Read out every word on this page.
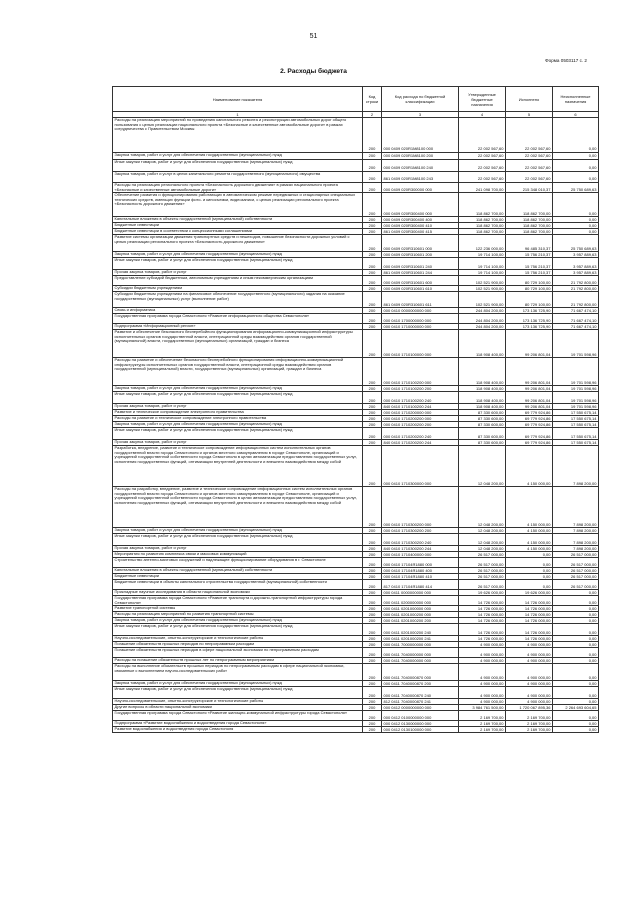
51
Форма 0503117 с. 2
2. Расходы бюджета
Наименование показателя	Код строки	Код расхода по бюджетной классификации	Утвержденные бюджетные назначения	Исполнено	Неисполненные назначения
1	2	3	4	5	6
Расходы на реализацию мероприятий по проведению капитального ремонта и реконструкции автомобильных дорог общего пользования с целью реализации национального проекта «Безопасные и качественные автомобильные дороги» в рамках сотрудничества с Правительством Москвы	200	000 0409 020R1M8100 000	22 002 567,60	22 002 567,60	0,00
Закупка товаров, работ и услуг для обеспечения государственных (муниципальных) нужд	200	000 0409 020R1M8100 200	22 002 567,60	22 002 567,60	0,00
Иные закупки товаров, работ и услуг для обеспечения государственных (муниципальных) нужд	200	000 0409 020R1M8100 240	22 002 567,60	22 002 567,60	0,00
Закупка товаров, работ и услуг в целях капитального ремонта государственного (муниципального) имущества	200	861 0409 020R1M8100 243	22 002 567,60	22 002 567,60	0,00
Расходы на реализацию регионального проекта «Безопасность дорожного движения» в рамках национального проекта «Безопасные и качественные автомобильные дороги»	200	000 0409 020R300000 000	241 098 700,00	215 348 010,37	25 750 689,63
Обеспечение развития и функционирования работающих в автоматическом режиме передвижных и стационарных специальных технических средств, имеющих функции фото- и киносъемки, видеозаписи, с целью реализации регионального проекта «Безопасность дорожного движения»	200	000 0409 020R300400 000	118 862 700,00	118 862 700,00	0,00
Капитальные вложения в объекты государственной (муниципальной) собственности	200	000 0409 020R300400 400	118 862 700,00	118 862 700,00	0,00
Бюджетные инвестиции	200	000 0409 020R300400 410	118 862 700,00	118 862 700,00	0,00
Бюджетные инвестиции в соответствии с концессионными соглашениями	200	861 0409 020R300400 415	118 862 700,00	118 862 700,00	0,00
Развитие системы организации движения транспортных средств и пешеходов, повышение безопасности дорожных условий с целью реализации регионального проекта «Безопасность дорожного движения»	200	000 0409 020R310601 000	122 236 000,00	96 485 310,37	25 750 689,63
Закупка товаров, работ и услуг для обеспечения государственных (муниципальных) нужд	200	000 0409 020R310601 200	19 714 100,00	15 756 210,37	3 957 889,63
Иные закупки товаров, работ и услуг для обеспечения государственных (муниципальных) нужд	200	000 0409 020R310601 240	19 714 100,00	15 756 210,37	3 957 889,63
Прочая закупка товаров, работ и услуг	200	861 0409 020R310601 244	19 714 100,00	15 756 210,37	3 957 889,63
Предоставление субсидий бюджетным, автономным учреждениям и иным некоммерческим организациям	200	000 0409 020R310601 600	102 521 900,00	80 729 100,00	21 792 800,00
Субсидии бюджетным учреждениям	200	000 0409 020R310601 610	102 521 900,00	80 729 100,00	21 792 800,00
Субсидии бюджетным учреждениям на финансовое обеспечение государственного (муниципального) задания на оказание государственных (муниципальных) услуг (выполнение работ)	200	861 0409 020R310601 611	102 521 900,00	80 729 100,00	21 792 800,00
Связь и информатика	200	000 0410 0000000000 000	244 804 200,00	173 136 725,90	71 667 474,10
Государственная программа города Севастополя «Развитие информационного общества Севастополя»	200	000 0410 1700000000 000	244 804 200,00	173 136 725,90	71 667 474,10
Подпрограмма «Информационный регион»	200	000 0410 1710000000 000	244 804 200,00	173 136 725,90	71 667 474,10
Развитие и обеспечение безопасного бесперебойного функционирования информационно-коммуникационной инфраструктуры исполнительных органов государственной власти, интеграционной среды взаимодействия органов государственной (муниципальной) власти, государственных (муниципальных) организаций, граждан и бизнеса	200	000 0410 1710100000 000	118 908 400,00	99 206 801,04	19 701 598,96
Расходы на развитие и обеспечение безопасного бесперебойного функционирования информационно-коммуникационной инфраструктуры исполнительных органов государственной власти, интеграционной среды взаимодействия органов государственной (муниципальной) власти, государственных (муниципальных) организаций, граждан и бизнеса	200	000 0410 1710100200 000	118 908 400,00	99 206 801,04	19 701 598,96
Закупка товаров, работ и услуг для обеспечения государственных (муниципальных) нужд	200	000 0410 1710100200 200	118 908 400,00	99 206 801,04	19 701 598,96
Иные закупки товаров, работ и услуг для обеспечения государственных (муниципальных) нужд	200	000 0410 1710100200 240	118 908 400,00	99 206 801,04	19 701 598,96
Прочая закупка товаров, работ и услуг	200	840 0410 1710100200 244	118 908 400,00	99 206 801,04	19 701 598,96
Развитие и техническое сопровождение электронного правительства	200	000 0410 1710200000 000	87 330 600,00	69 779 924,86	17 550 675,14
Расходы на развитие и техническое сопровождение электронного правительства	200	000 0410 1710200200 000	87 330 600,00	69 779 924,86	17 550 675,14
Закупка товаров, работ и услуг для обеспечения государственных (муниципальных) нужд	200	000 0410 1710200200 200	87 330 600,00	69 779 924,86	17 550 675,14
Иные закупки товаров, работ и услуг для обеспечения государственных (муниципальных) нужд	200	000 0410 1710200200 240	87 330 600,00	69 779 924,86	17 550 675,14
Прочая закупка товаров, работ и услуг	200	840 0410 1710200200 244	87 330 600,00	69 779 924,86	17 550 675,14
Разработка, внедрение, развитие и техническое сопровождение информационных систем исполнительных органов государственной власти города Севастополя и органов местного самоуправления в городе Севастополе, организаций и учреждений государственной собственности города Севастополя в целях автоматизации предоставления государственных услуг, исполнения государственных функций, оптимизации внутренней деятельности и внешнего взаимодействия между собой	200	000 0410 1710300000 000	12 048 200,00	4 150 000,00	7 898 200,00
Расходы на разработку, внедрение, развитие и техническое сопровождение информационных систем исполнительных органов государственной власти города Севастополя и органов местного самоуправления в городе Севастополе, организаций и учреждений государственной собственности города Севастополя в целях автоматизации предоставления государственных услуг, исполнения государственных функций, оптимизации внутренней деятельности и внешнего взаимодействия между собой	200	000 0410 1710300200 000	12 048 200,00	4 150 000,00	7 898 200,00
Закупка товаров, работ и услуг для обеспечения государственных (муниципальных) нужд	200	000 0410 1710300200 200	12 048 200,00	4 150 000,00	7 898 200,00
Иные закупки товаров, работ и услуг для обеспечения государственных (муниципальных) нужд	200	000 0410 1710300200 240	12 048 200,00	4 150 000,00	7 898 200,00
Прочая закупка товаров, работ и услуг	200	840 0410 1710300200 244	12 048 200,00	4 150 000,00	7 898 200,00
Мероприятия по развитию комплекса связи и массовых коммуникаций	200	000 0410 1710400000 000	26 517 000,00	0,00	26 517 000,00
Строительство антенно-мачтовых сооружений и надлежащее функционирование оборудования в г. Севастополе	200	000 0410 17104Я1880 000	26 517 000,00	0,00	26 517 000,00
Капитальные вложения в объекты государственной (муниципальной) собственности	200	000 0410 17104Я1880 400	26 517 000,00	0,00	26 517 000,00
Бюджетные инвестиции	200	000 0410 17104Я1880 410	26 517 000,00	0,00	26 517 000,00
Бюджетные инвестиции в объекты капитального строительства государственной (муниципальной) собственности	200	817 0410 17104Я1880 414	26 517 000,00	0,00	26 517 000,00
Прикладные научные исследования в области национальной экономики	200	000 0411 0000000000 000	19 626 000,00	19 626 000,00	0,00
Государственная программа города Севастополя «Развитие транспорта и дорожно-транспортной инфраструктуры города Севастополя»	200	000 0411 0200000000 000	14 726 000,00	14 726 000,00	0,00
Развитие транспортной системы	200	000 0411 0201000000 000	14 726 000,00	14 726 000,00	0,00
Расходы на реализацию мероприятий по развитию транспортной системы	200	000 0411 0201000200 000	14 726 000,00	14 726 000,00	0,00
Закупка товаров, работ и услуг для обеспечения государственных (муниципальных) нужд	200	000 0411 0201000200 200	14 726 000,00	14 726 000,00	0,00
Иные закупки товаров, работ и услуг для обеспечения государственных (муниципальных) нужд	200	000 0411 0201000200 240	14 726 000,00	14 726 000,00	0,00
Научно-исследовательские, опытно-конструкторские и технологические работы	200	000 0411 0201000200 241	14 726 000,00	14 726 000,00	0,00
Погашение обязательств прошлых периодов по непрограммным расходам	200	000 0411 7000000000 000	4 900 000,00	4 900 000,00	0,00
Погашение обязательств прошлых периодов в сфере национальной экономики по непрограммным расходам	200	000 0411 7040000000 000	4 900 000,00	4 900 000,00	0,00
Расходы на погашение обязательств прошлых лет по непрограммным мероприятиям	200	000 0411 7040000000 000	4 900 000,00	4 900 000,00	0,00
Расходы на выполнение обязательств прошлых периодов по непрограммным расходам в сфере национальной экономики, связанные с выполнением научно-исследовательских работ	200	000 0411 7040000870 000	4 900 000,00	4 900 000,00	0,00
Закупка товаров, работ и услуг для обеспечения государственных (муниципальных) нужд	200	000 0411 7040000870 200	4 900 000,00	4 900 000,00	0,00
Иные закупки товаров, работ и услуг для обеспечения государственных (муниципальных) нужд	200	000 0411 7040000870 240	4 900 000,00	4 900 000,00	0,00
Научно-исследовательские, опытно-конструкторские и технологические работы	200	812 0411 7040000870 241	4 900 000,00	4 900 000,00	0,00
Другие вопросы в области национальной экономики	200	000 0412 0000000000 000	3 984 761 500,00	1 720 067 895,36	2 264 693 604,65
Государственная программа города Севастополя «Развитие жилищно-коммунальной инфраструктуры города Севастополя»	200	000 0412 0100000000 000	2 169 700,00	2 169 700,00	0,00
Подпрограмма «Развитие водоснабжения и водоотведения города Севастополя»	200	000 0412 0130000000 000	2 169 700,00	2 169 700,00	0,00
Развитие водоснабжения и водоотведения города Севастополя	200	000 0412 0130100000 000	2 169 700,00	2 169 700,00	0,00
